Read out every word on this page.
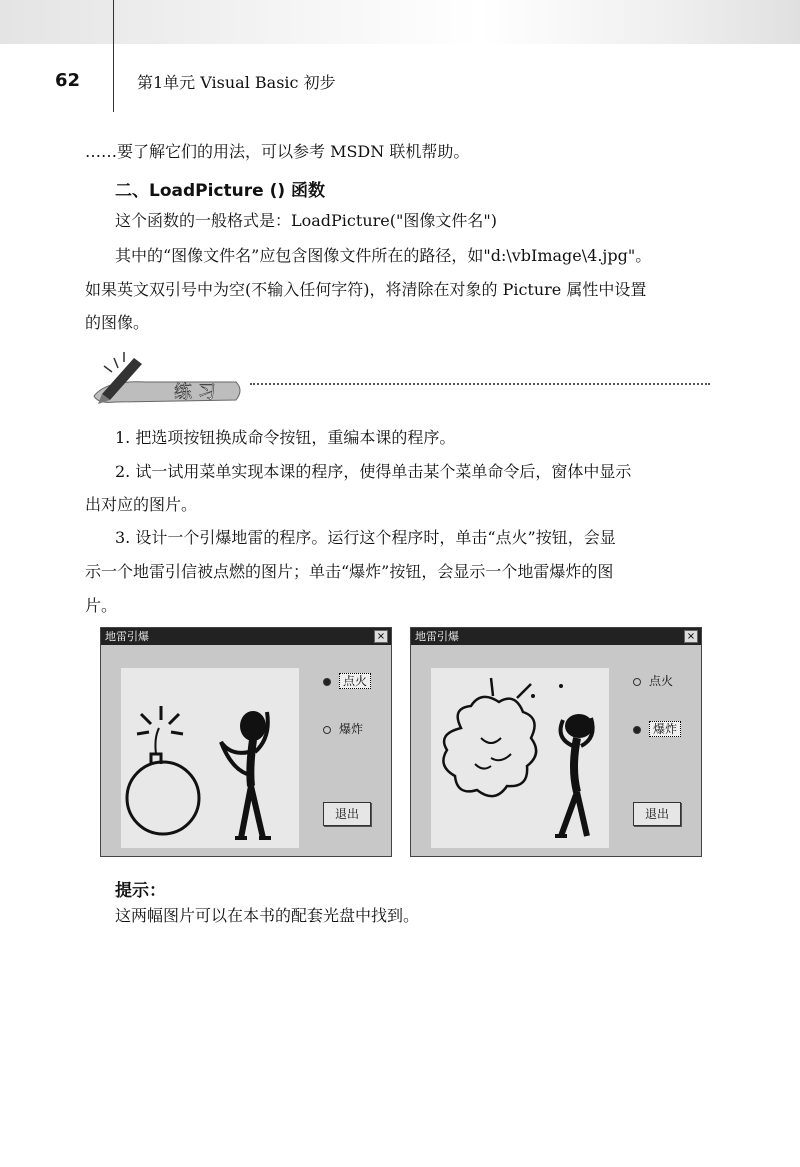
62	第1单元 Visual Basic 初步
……要了解它们的用法，可以参考 MSDN 联机帮助。
二、LoadPicture () 函数
这个函数的一般格式是：LoadPicture("图像文件名")
其中的“图像文件名”应包含图像文件所在的路径，如"d:\vbImage\4.jpg"。
如果英文双引号中为空(不输入任何字符)，将清除在对象的 Picture 属性中设置
的图像。
练 习
1. 把选项按钮换成命令按钮，重编本课的程序。
2. 试一试用菜单实现本课的程序，使得单击某个菜单命令后，窗体中显示
出对应的图片。
3. 设计一个引爆地雷的程序。运行这个程序时，单击“点火”按钮，会显
示一个地雷引信被点燃的图片；单击“爆炸”按钮，会显示一个地雷爆炸的图
片。
地雷引爆	×
点火
爆炸
退出
地雷引爆	×
点火
爆炸
退出
提示：
这两幅图片可以在本书的配套光盘中找到。
